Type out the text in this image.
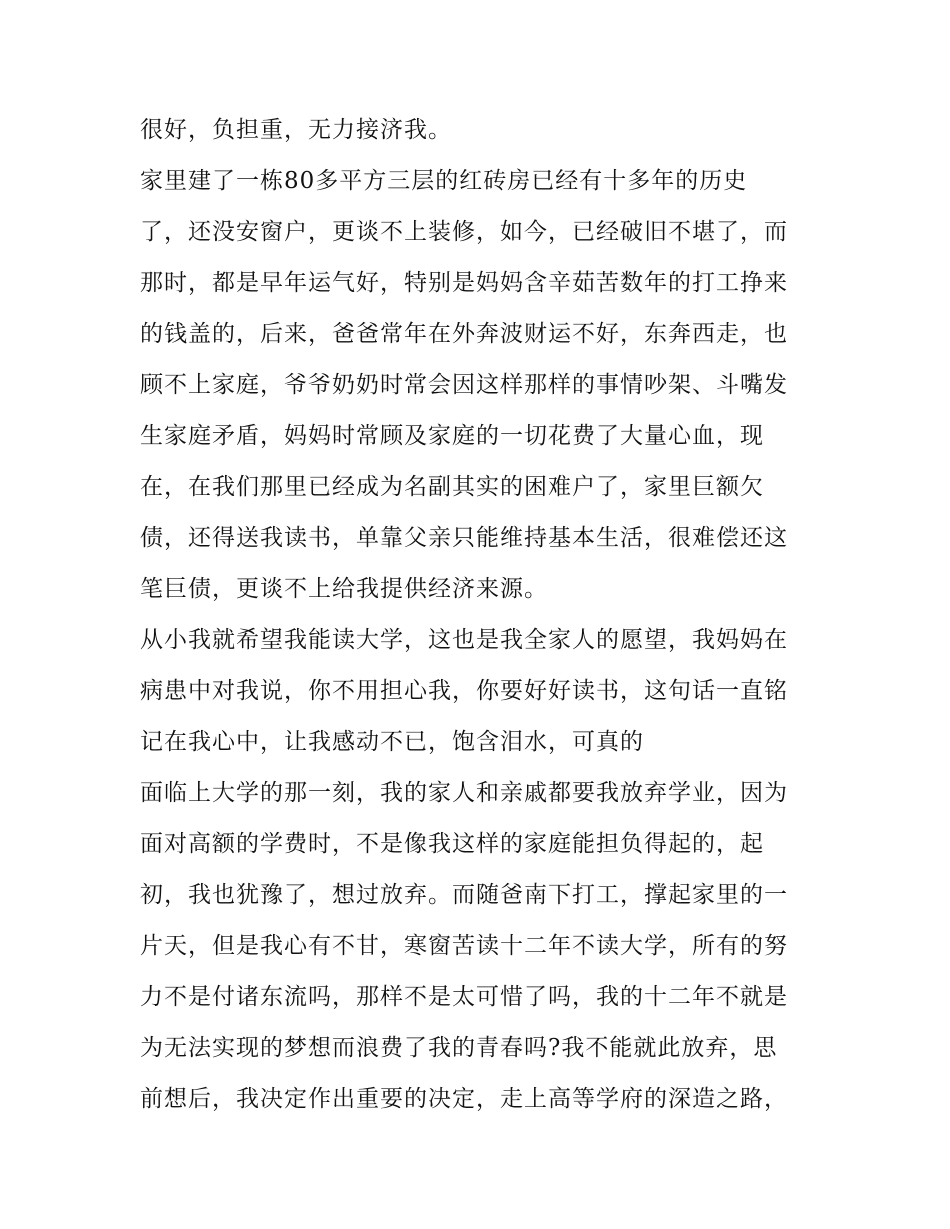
很好，负担重，无力接济我。
家里建了一栋80多平方三层的红砖房已经有十多年的历史
了，还没安窗户，更谈不上装修，如今，已经破旧不堪了，而
那时，都是早年运气好，特别是妈妈含辛茹苦数年的打工挣来
的钱盖的，后来，爸爸常年在外奔波财运不好，东奔西走，也
顾不上家庭，爷爷奶奶时常会因这样那样的事情吵架、斗嘴发
生家庭矛盾，妈妈时常顾及家庭的一切花费了大量心血，现
在，在我们那里已经成为名副其实的困难户了，家里巨额欠
债，还得送我读书，单靠父亲只能维持基本生活，很难偿还这
笔巨债，更谈不上给我提供经济来源。
从小我就希望我能读大学，这也是我全家人的愿望，我妈妈在
病患中对我说，你不用担心我，你要好好读书，这句话一直铭
记在我心中，让我感动不已，饱含泪水，可真的
面临上大学的那一刻，我的家人和亲戚都要我放弃学业，因为
面对高额的学费时，不是像我这样的家庭能担负得起的，起
初，我也犹豫了，想过放弃。而随爸南下打工，撑起家里的一
片天，但是我心有不甘，寒窗苦读十二年不读大学，所有的努
力不是付诸东流吗，那样不是太可惜了吗，我的十二年不就是
为无法实现的梦想而浪费了我的青春吗?我不能就此放弃，思
前想后，我决定作出重要的决定，走上高等学府的深造之路，
